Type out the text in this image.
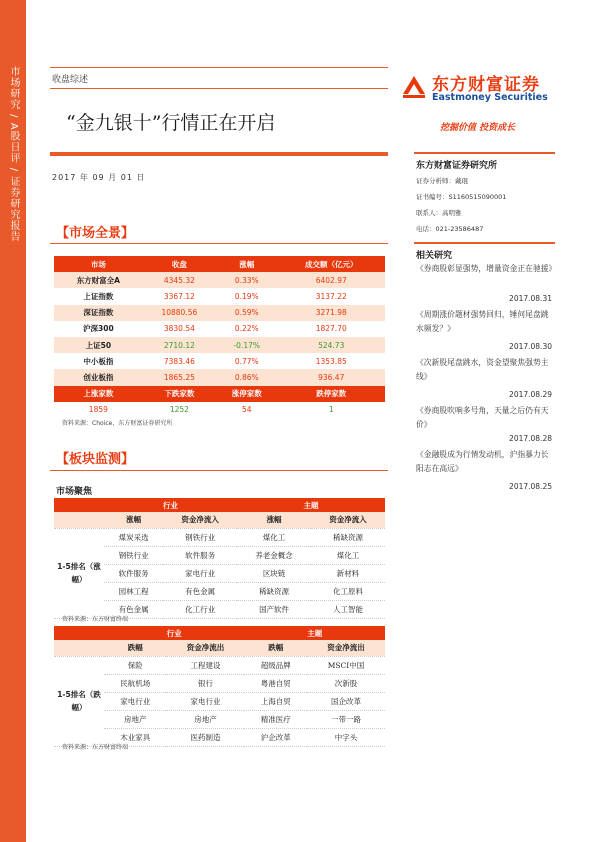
市场研究 / A股日评 / 证券研究报告	收盘综述
“金九银十”行情正在开启
2017 年 09 月 01 日
东方财富证券
Eastmoney Securities
挖掘价值 投资成长
东方财富证券研究所
证券分析师：戴琨
证书编号：S1160515090001
联系人：高明雅
电话：021-23586487
相关研究
《券商股彰显强势，增量资金正在驰援》
2017.08.31
《周期涨价题材强势回归，锤何尾盘跳水频发？》
2017.08.30
《次新股尾盘跳水，资金望聚焦强势主线》
2017.08.29
《券商股吹响多号角，天量之后仍有天价》
2017.08.28
《金融股成为行情发动机，沪指暴力长阳志在高远》
2017.08.25
【市场全景】
市场	收盘	涨幅	成交额（亿元）
东方财富全A	4345.32	0.33%	6402.97
上证指数	3367.12	0.19%	3137.22
深证指数	10880.56	0.59%	3271.98
沪深300	3830.54	0.22%	1827.70
上证50	2710.12	-0.17%	524.73
中小板指	7383.46	0.77%	1353.85
创业板指	1865.25	0.86%	936.47
上涨家数	下跌家数	涨停家数	跌停家数
1859	1252	54	1
资料来源：Choice，东方财富证券研究所
【板块监测】
市场聚焦
	行业		主题	
	涨幅	资金净流入	涨幅	资金净流入
1-5排名（涨幅）	煤炭采选	钢铁行业	煤化工	稀缺资源
	钢铁行业	软件服务	养老金概念	煤化工
	软件服务	家电行业	区块链	新材料
	园林工程	有色金属	稀缺资源	化工原料
	有色金属	化工行业	国产软件	人工智能
资料来源：东方财富终端
	行业		主题	
	跌幅	资金净流出	跌幅	资金净流出
1-5排名（跌幅）	保险	工程建设	超级品牌	MSCI中国
	民航机场	银行	粤港自贸	次新股
	家电行业	家电行业	上海自贸	国企改革
	房地产	房地产	精准医疗	一带一路
	木业家具	医药制造	沪企改革	中字头
资料来源：东方财富终端
